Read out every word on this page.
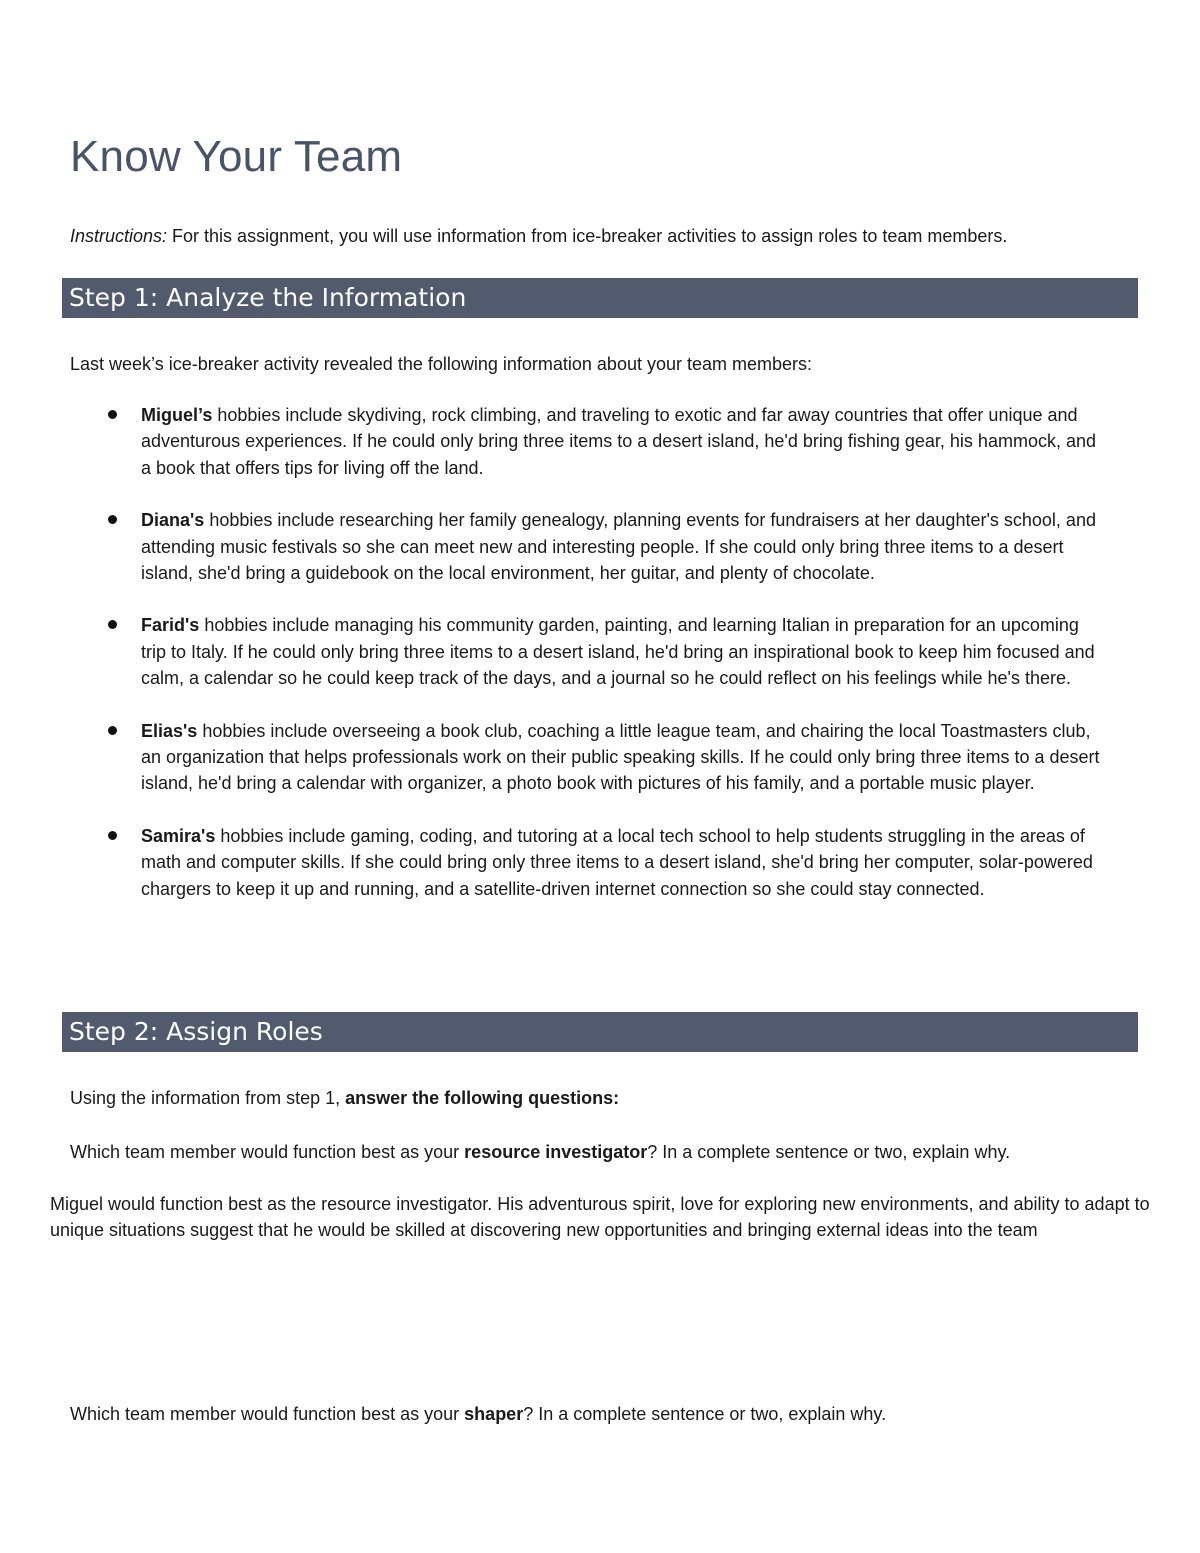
Know Your Team

Instructions: For this assignment, you will use information from ice-breaker activities to assign roles to team members.

Step 1: Analyze the Information

Last week’s ice-breaker activity revealed the following information about your team members:

Miguel’s hobbies include skydiving, rock climbing, and traveling to exotic and far away countries that offer unique and adventurous experiences. If he could only bring three items to a desert island, he'd bring fishing gear, his hammock, and a book that offers tips for living off the land.
Diana's hobbies include researching her family genealogy, planning events for fundraisers at her daughter's school, and attending music festivals so she can meet new and interesting people. If she could only bring three items to a desert island, she'd bring a guidebook on the local environment, her guitar, and plenty of chocolate.
Farid's hobbies include managing his community garden, painting, and learning Italian in preparation for an upcoming trip to Italy. If he could only bring three items to a desert island, he'd bring an inspirational book to keep him focused and calm, a calendar so he could keep track of the days, and a journal so he could reflect on his feelings while he's there.
Elias's hobbies include overseeing a book club, coaching a little league team, and chairing the local Toastmasters club, an organization that helps professionals work on their public speaking skills. If he could only bring three items to a desert island, he'd bring a calendar with organizer, a photo book with pictures of his family, and a portable music player.
Samira's hobbies include gaming, coding, and tutoring at a local tech school to help students struggling in the areas of math and computer skills. If she could bring only three items to a desert island, she'd bring her computer, solar-powered chargers to keep it up and running, and a satellite-driven internet connection so she could stay connected.
Step 2: Assign Roles

Using the information from step 1, answer the following questions:

Which team member would function best as your resource investigator? In a complete sentence or two, explain why.

Miguel would function best as the resource investigator. His adventurous spirit, love for exploring new environments, and ability to adapt to unique situations suggest that he would be skilled at discovering new opportunities and bringing external ideas into the team

Which team member would function best as your shaper? In a complete sentence or two, explain why.
